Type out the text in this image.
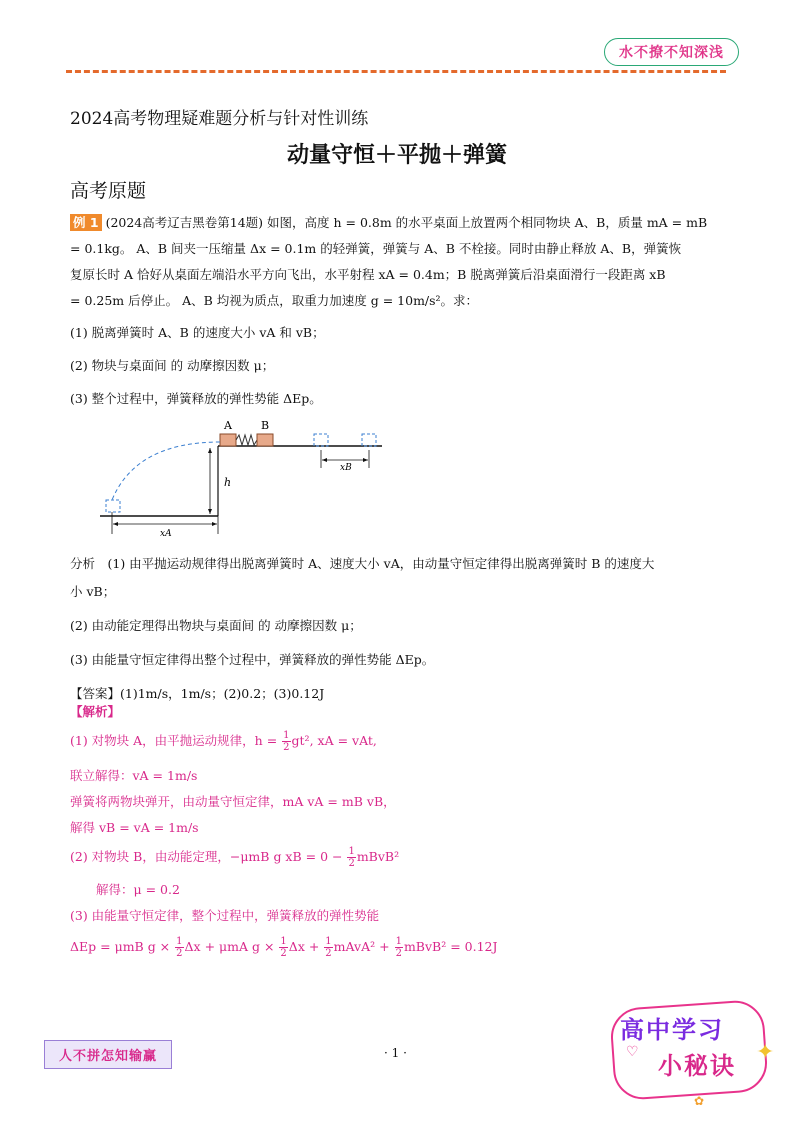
水不撩不知深浅
2024高考物理疑难题分析与针对性训练
动量守恒＋平抛＋弹簧
高考原题
例 1 (2024高考辽吉黑卷第14题) 如图，高度 h = 0.8m 的水平桌面上放置两个相同物块 A、B，质量 mA = mB
= 0.1kg。 A、B 间夹一压缩量 Δx = 0.1m 的轻弹簧，弹簧与 A、B 不栓接。同时由静止释放 A、B，弹簧恢
复原长时 A 恰好从桌面左端沿水平方向飞出，水平射程 xA = 0.4m；B 脱离弹簧后沿桌面滑行一段距离 xB
= 0.25m 后停止。 A、B 均视为质点，取重力加速度 g = 10m/s²。求：
(1) 脱离弹簧时 A、B 的速度大小 vA 和 vB；
(2) 物块与桌面间 的 动摩擦因数 μ；
(3) 整个过程中，弹簧释放的弹性势能 ΔEp。
A	B
xB
h
xA
分析　(1) 由平抛运动规律得出脱离弹簧时 A、速度大小 vA，由动量守恒定律得出脱离弹簧时 B 的速度大
小 vB；
(2) 由动能定理得出物块与桌面间 的 动摩擦因数 μ；
(3) 由能量守恒定律得出整个过程中，弹簧释放的弹性势能 ΔEp。
【答案】(1)1m/s，1m/s；(2)0.2；(3)0.12J
【解析】
(1) 对物块 A，由平抛运动规律，$h = \frac{1}{2} gt^2$, xA = vAt,
联立解得：vA = 1m/s
弹簧将两物块弹开，由动量守恒定律，mA vA = mB vB，
解得 vB = vA = 1m/s
(2) 对物块 B，由动能定理，−μmB g xB = $0 - \frac{1}{2}$ mBvB²
解得：μ = 0.2
(3) 由能量守恒定律，整个过程中，弹簧释放的弹性势能
ΔEp = μmB $g \times \frac{1}{2}$ Δx + μmA $g \times \frac{1}{2}$ $\Delta x + \frac{1}{2}$ mAvA² + $\frac{1}{2}$ mBvB² = 0.12J
人不拼怎知输赢	· 1 ·
高中学习
小秘诀
♡	✦
✿
